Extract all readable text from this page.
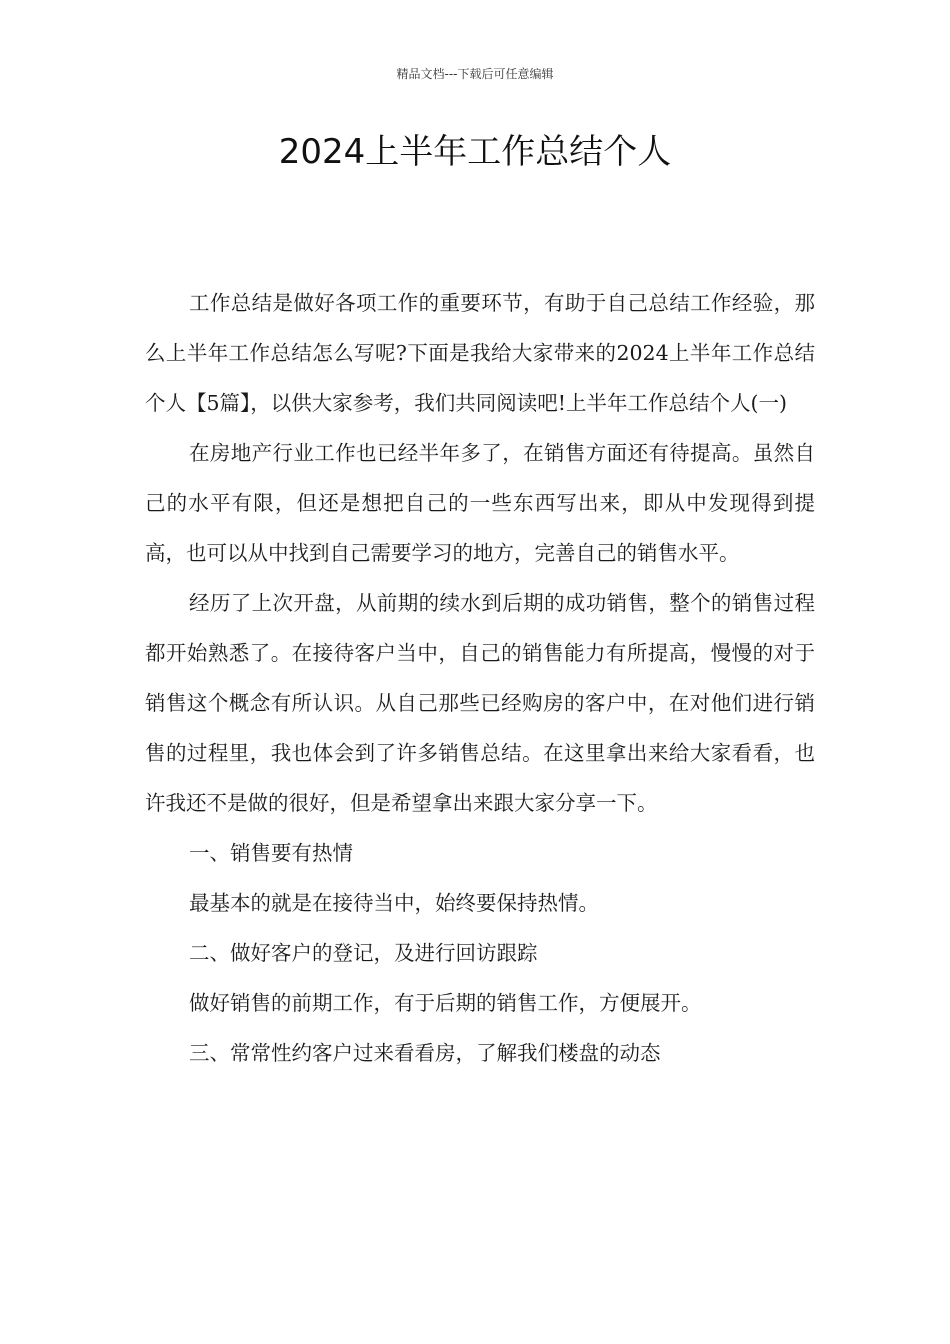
精品文档---下载后可任意编辑
2024上半年工作总结个人

工作总结是做好各项工作的重要环节，有助于自己总结工作经验，那么上半年工作总结怎么写呢?下面是我给大家带来的2024上半年工作总结个人【5篇】，以供大家参考，我们共同阅读吧!上半年工作总结个人(一)

在房地产行业工作也已经半年多了，在销售方面还有待提高。虽然自己的水平有限，但还是想把自己的一些东西写出来，即从中发现得到提高，也可以从中找到自己需要学习的地方，完善自己的销售水平。

经历了上次开盘，从前期的续水到后期的成功销售，整个的销售过程都开始熟悉了。在接待客户当中，自己的销售能力有所提高，慢慢的对于销售这个概念有所认识。从自己那些已经购房的客户中，在对他们进行销售的过程里，我也体会到了许多销售总结。在这里拿出来给大家看看，也许我还不是做的很好，但是希望拿出来跟大家分享一下。

一、销售要有热情

最基本的就是在接待当中，始终要保持热情。

二、做好客户的登记，及进行回访跟踪

做好销售的前期工作，有于后期的销售工作，方便展开。

三、常常性约客户过来看看房，了解我们楼盘的动态
